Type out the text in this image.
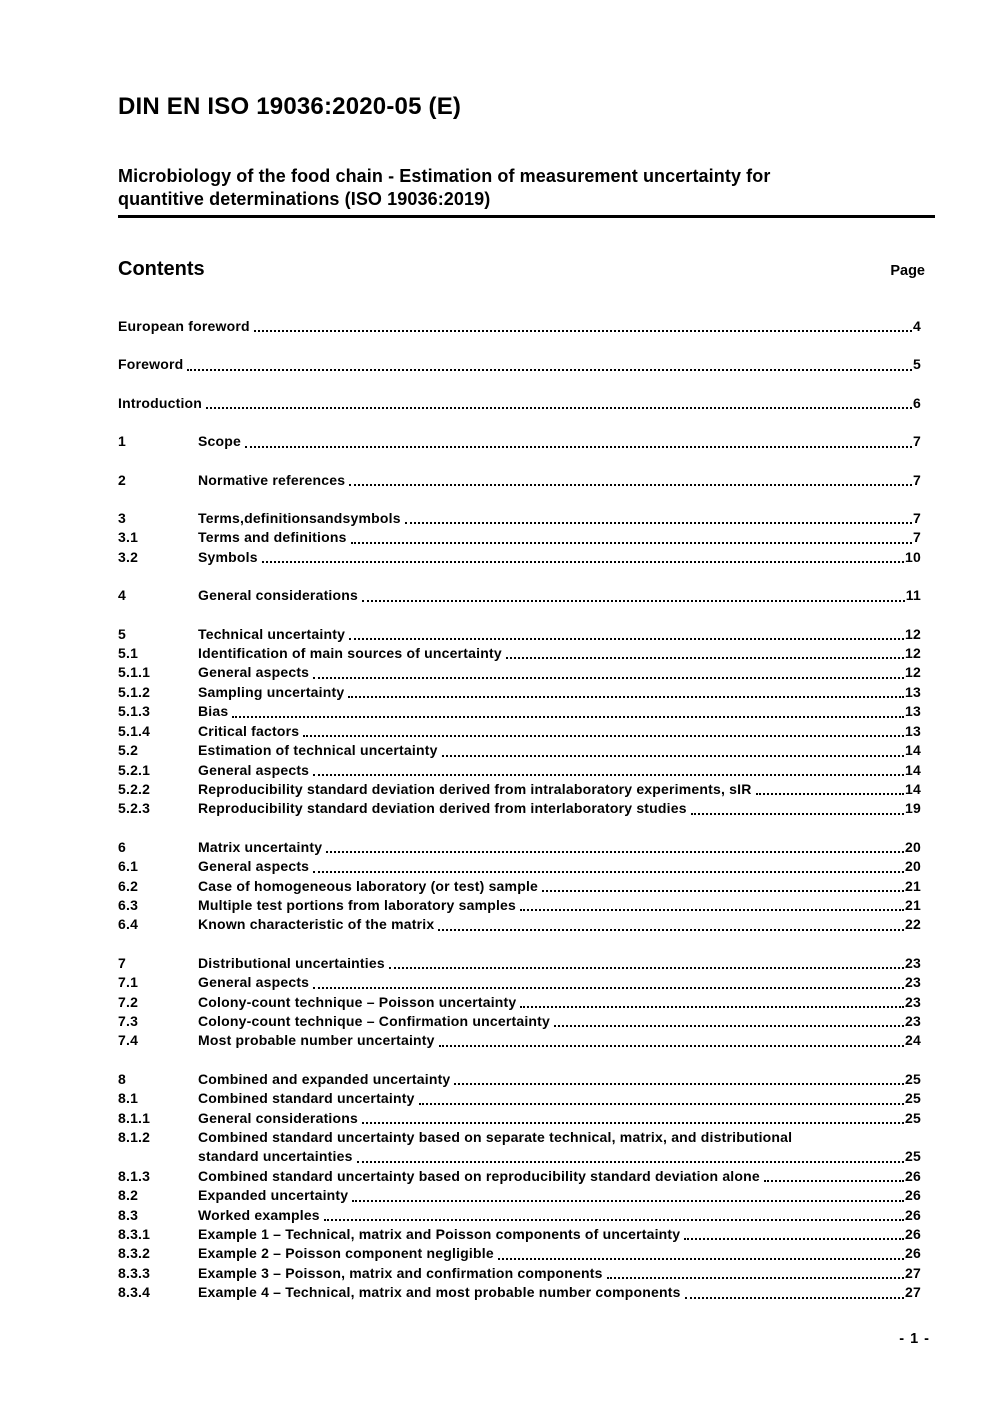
DIN EN ISO 19036:2020-05 (E)
Microbiology of the food chain - Estimation of measurement uncertainty for
quantitive determinations (ISO 19036:2019)
Contents	Page
European foreword	4
Foreword	5
Introduction	6
1	Scope	7
2	Normative references	7
3	Terms,definitionsandsymbols	7
3.1	Terms and definitions	7
3.2	Symbols	10
4	General considerations	11
5	Technical uncertainty	12
5.1	Identification of main sources of uncertainty	12
5.1.1	General aspects	12
5.1.2	Sampling uncertainty	13
5.1.3	Bias	13
5.1.4	Critical factors	13
5.2	Estimation of technical uncertainty	14
5.2.1	General aspects	14
5.2.2	Reproducibility standard deviation derived from intralaboratory experiments, sIR	14
5.2.3	Reproducibility standard deviation derived from interlaboratory studies	19
6	Matrix uncertainty	20
6.1	General aspects	20
6.2	Case of homogeneous laboratory (or test) sample	21
6.3	Multiple test portions from laboratory samples	21
6.4	Known characteristic of the matrix	22
7	Distributional uncertainties	23
7.1	General aspects	23
7.2	Colony-count technique – Poisson uncertainty	23
7.3	Colony-count technique – Confirmation uncertainty	23
7.4	Most probable number uncertainty	24
8	Combined and expanded uncertainty	25
8.1	Combined standard uncertainty	25
8.1.1	General considerations	25
8.1.2	Combined standard uncertainty based on separate technical, matrix, and distributional
standard uncertainties	25
8.1.3	Combined standard uncertainty based on reproducibility standard deviation alone	26
8.2	Expanded uncertainty	26
8.3	Worked examples	26
8.3.1	Example 1 – Technical, matrix and Poisson components of uncertainty	26
8.3.2	Example 2 – Poisson component negligible	26
8.3.3	Example 3 – Poisson, matrix and confirmation components	27
8.3.4	Example 4 – Technical, matrix and most probable number components	27
- 1 -
